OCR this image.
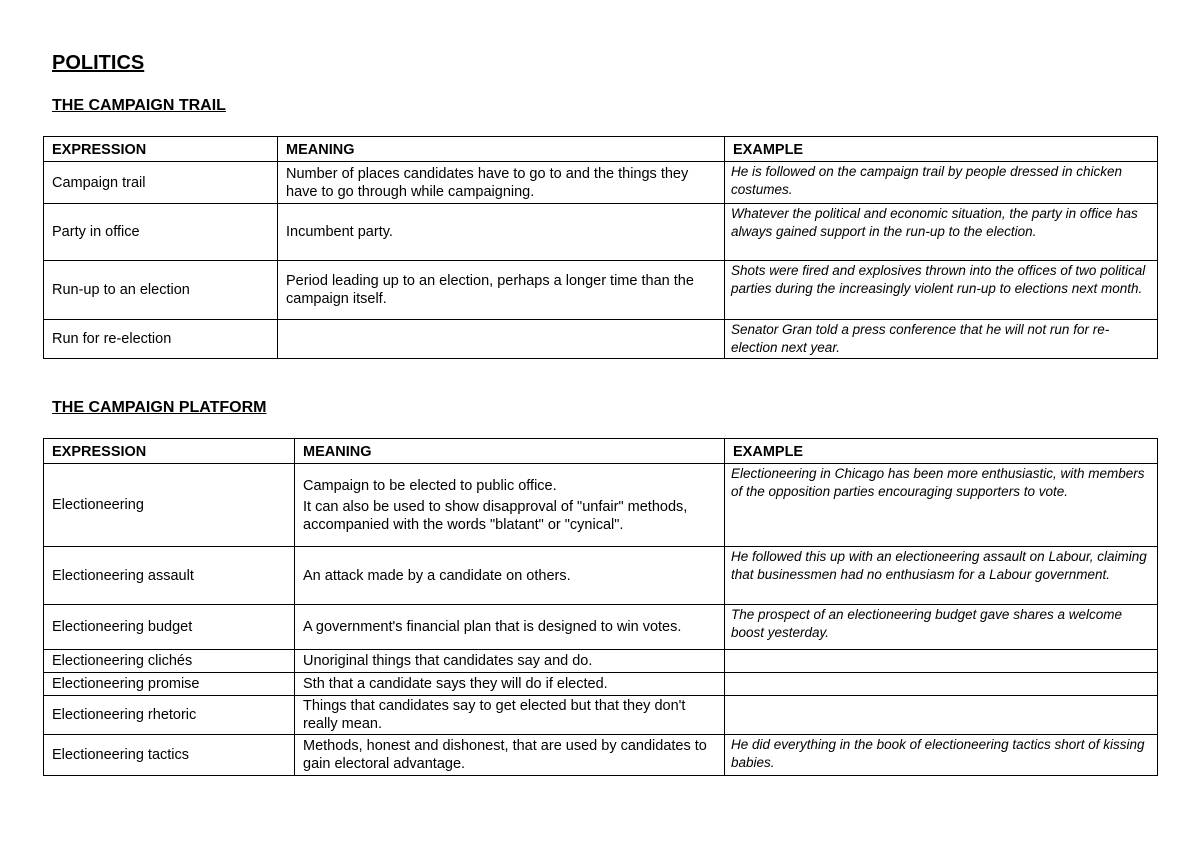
POLITICS
THE CAMPAIGN TRAIL
EXPRESSION	MEANING	EXAMPLE
Campaign trail	Number of places candidates have to go to and the things they have to go through while campaigning.	He is followed on the campaign trail by people dressed in chicken costumes.
Party in office	Incumbent party.	Whatever the political and economic situation, the party in office has always gained support in the run-up to the election.
Run-up to an election	Period leading up to an election, perhaps a longer time than the campaign itself.	Shots were fired and explosives thrown into the offices of two political parties during the increasingly violent run-up to elections next month.
Run for re-election		Senator Gran told a press conference that he will not run for re-election next year.
THE CAMPAIGN PLATFORM
EXPRESSION	MEANING	EXAMPLE
Electioneering	Campaign to be elected to public office.
It can also be used to show disapproval of "unfair" methods, accompanied with the words "blatant" or "cynical".	Electioneering in Chicago has been more enthusiastic, with members of the opposition parties encouraging supporters to vote.
Electioneering assault	An attack made by a candidate on others.	He followed this up with an electioneering assault on Labour, claiming that businessmen had no enthusiasm for a Labour government.
Electioneering budget	A government's financial plan that is designed to win votes.	The prospect of an electioneering budget gave shares a welcome boost yesterday.
Electioneering clichés	Unoriginal things that candidates say and do.	

Electioneering promise	Sth that a candidate says they will do if elected.	

Electioneering rhetoric	Things that candidates say to get elected but that they don't really mean.	

Electioneering tactics	Methods, honest and dishonest, that are used by candidates to gain electoral advantage.	He did everything in the book of electioneering tactics short of kissing babies.
